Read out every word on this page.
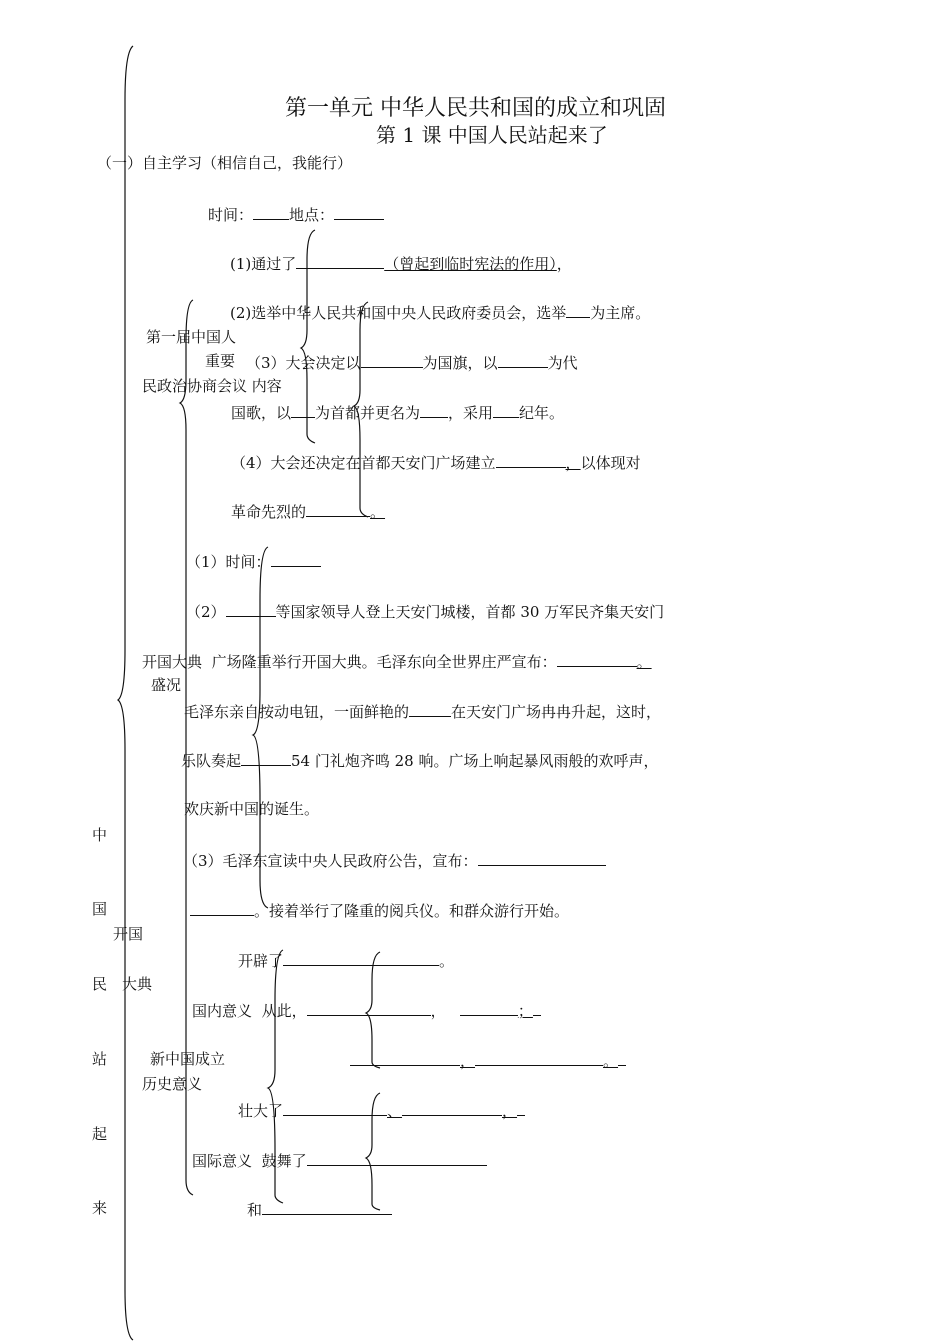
第一单元 中华人民共和国的成立和巩固
第 1 课 中国人民站起来了
（一）自主学习（相信自己，我能行）
时间： 地点：
(1)通过了	（曾起到临时宪法的作用），
(2)选举中华人民共和国中央人民政府委员会，选举 为主席。
第一届中国人
重要
民政治协商会议 内容
（3）大会决定以	为国旗，以	为代
国歌，以 为首都并更名为 ，采用 纪年。
（4）大会还决定在首都天安门广场建立	，以体现对
革命先烈的	。
（1）时间：
（2）	等国家领导人登上天安门城楼，首都 30 万军民齐集天安门
开国大典 广场隆重举行开国大典。毛泽东向全世界庄严宣布：	。
盛况
毛泽东亲自按动电钮，一面鲜艳的	在天安门广场冉冉升起，这时，
乐队奏起	54 门礼炮齐鸣 28 响。广场上响起暴风雨般的欢呼声，
欢庆新中国的诞生。
（3）毛泽东宣读中央人民政府公告，宣布：
。接着举行了隆重的阅兵仪。和群众游行开始。
中
国
民
站
起
来
开国
大典
开辟了	。
国内意义 从此，	，	；
，	。
新中国成立
历史意义
壮大了	、	，
国际意义 鼓舞了
和
